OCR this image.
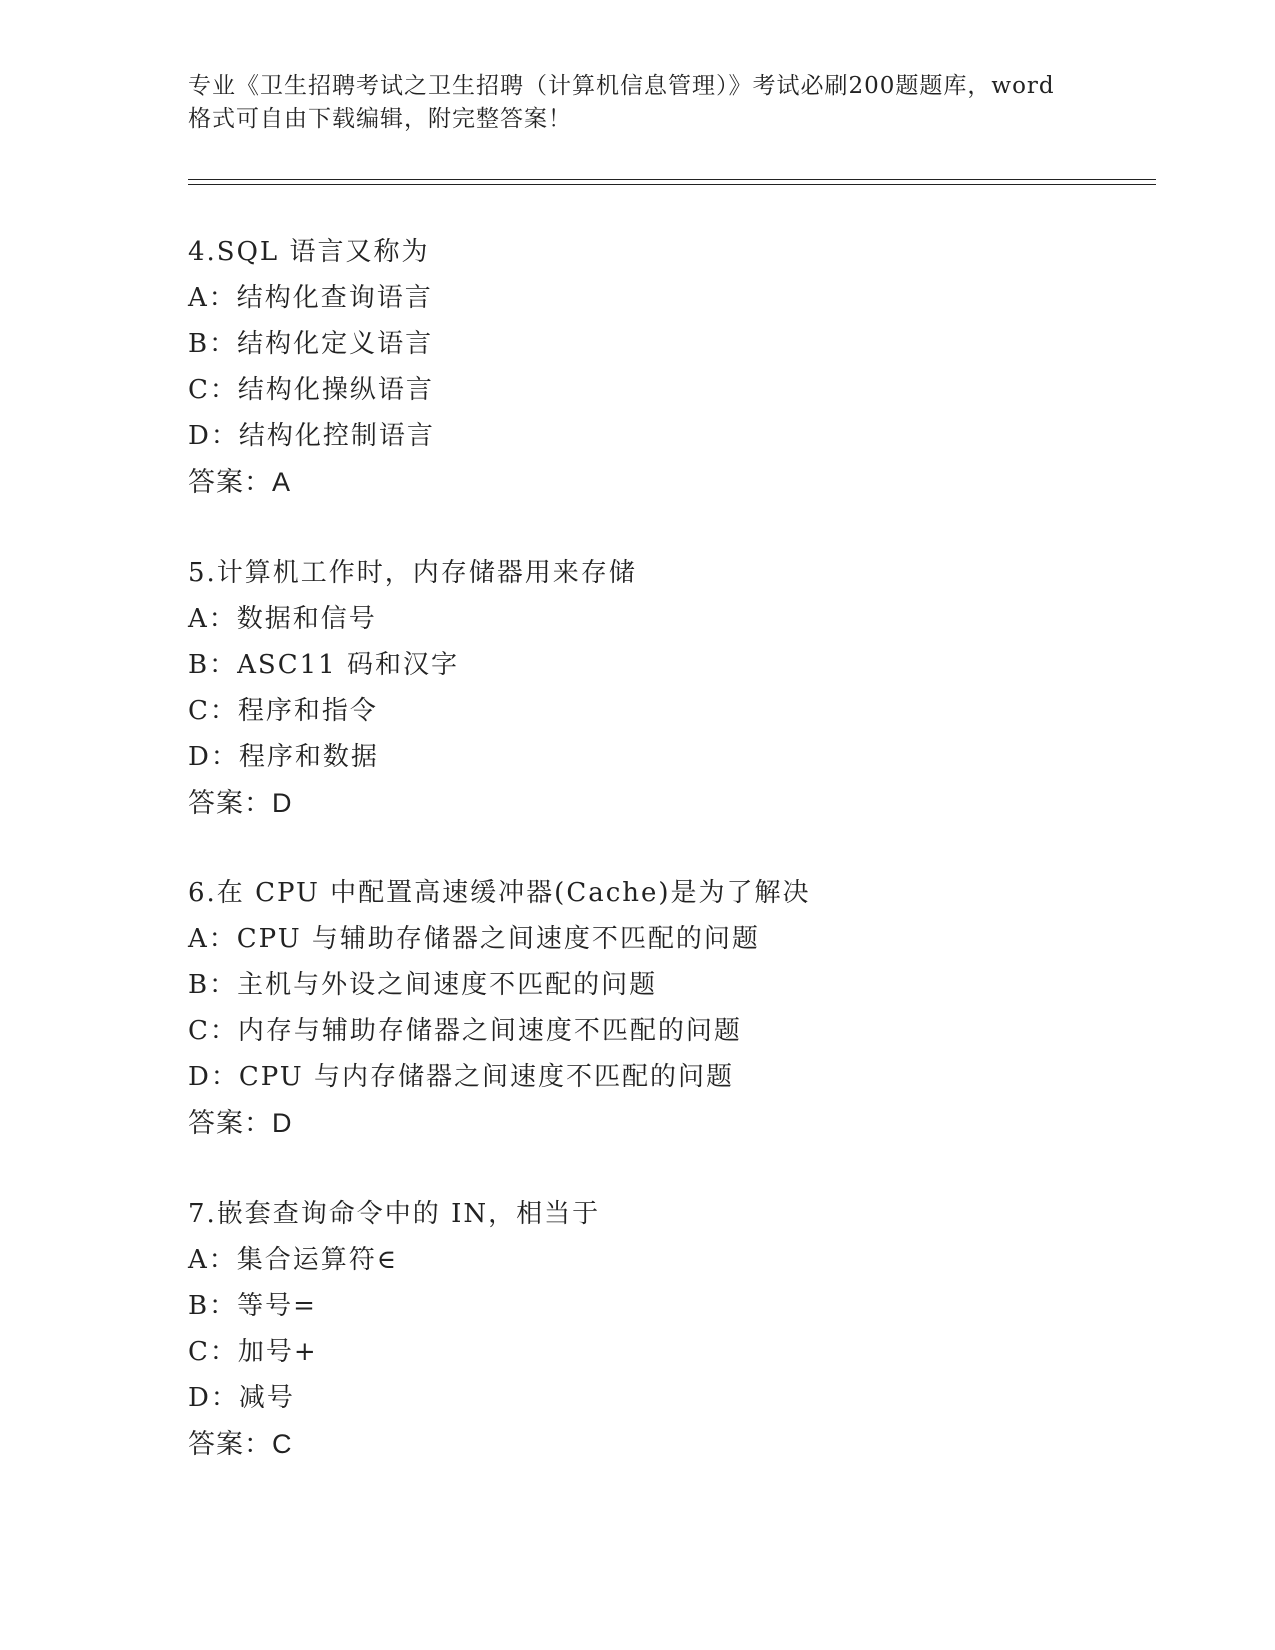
专业《卫生招聘考试之卫生招聘（计算机信息管理）》考试必刷200题题库，word
格式可自由下载编辑，附完整答案！
4.SQL 语言又称为
A： 结构化查询语言
B： 结构化定义语言
C： 结构化操纵语言
D： 结构化控制语言
答案：A
5.计算机工作时，内存储器用来存储
A： 数据和信号
B： ASC11 码和汉字
C： 程序和指令
D： 程序和数据
答案：D
6.在 CPU 中配置高速缓冲器(Cache)是为了解决
A： CPU 与辅助存储器之间速度不匹配的问题
B： 主机与外设之间速度不匹配的问题
C： 内存与辅助存储器之间速度不匹配的问题
D： CPU 与内存储器之间速度不匹配的问题
答案：D
7.嵌套查询命令中的 IN，相当于
A： 集合运算符∈
B： 等号=
C： 加号+
D： 减号
答案：C
